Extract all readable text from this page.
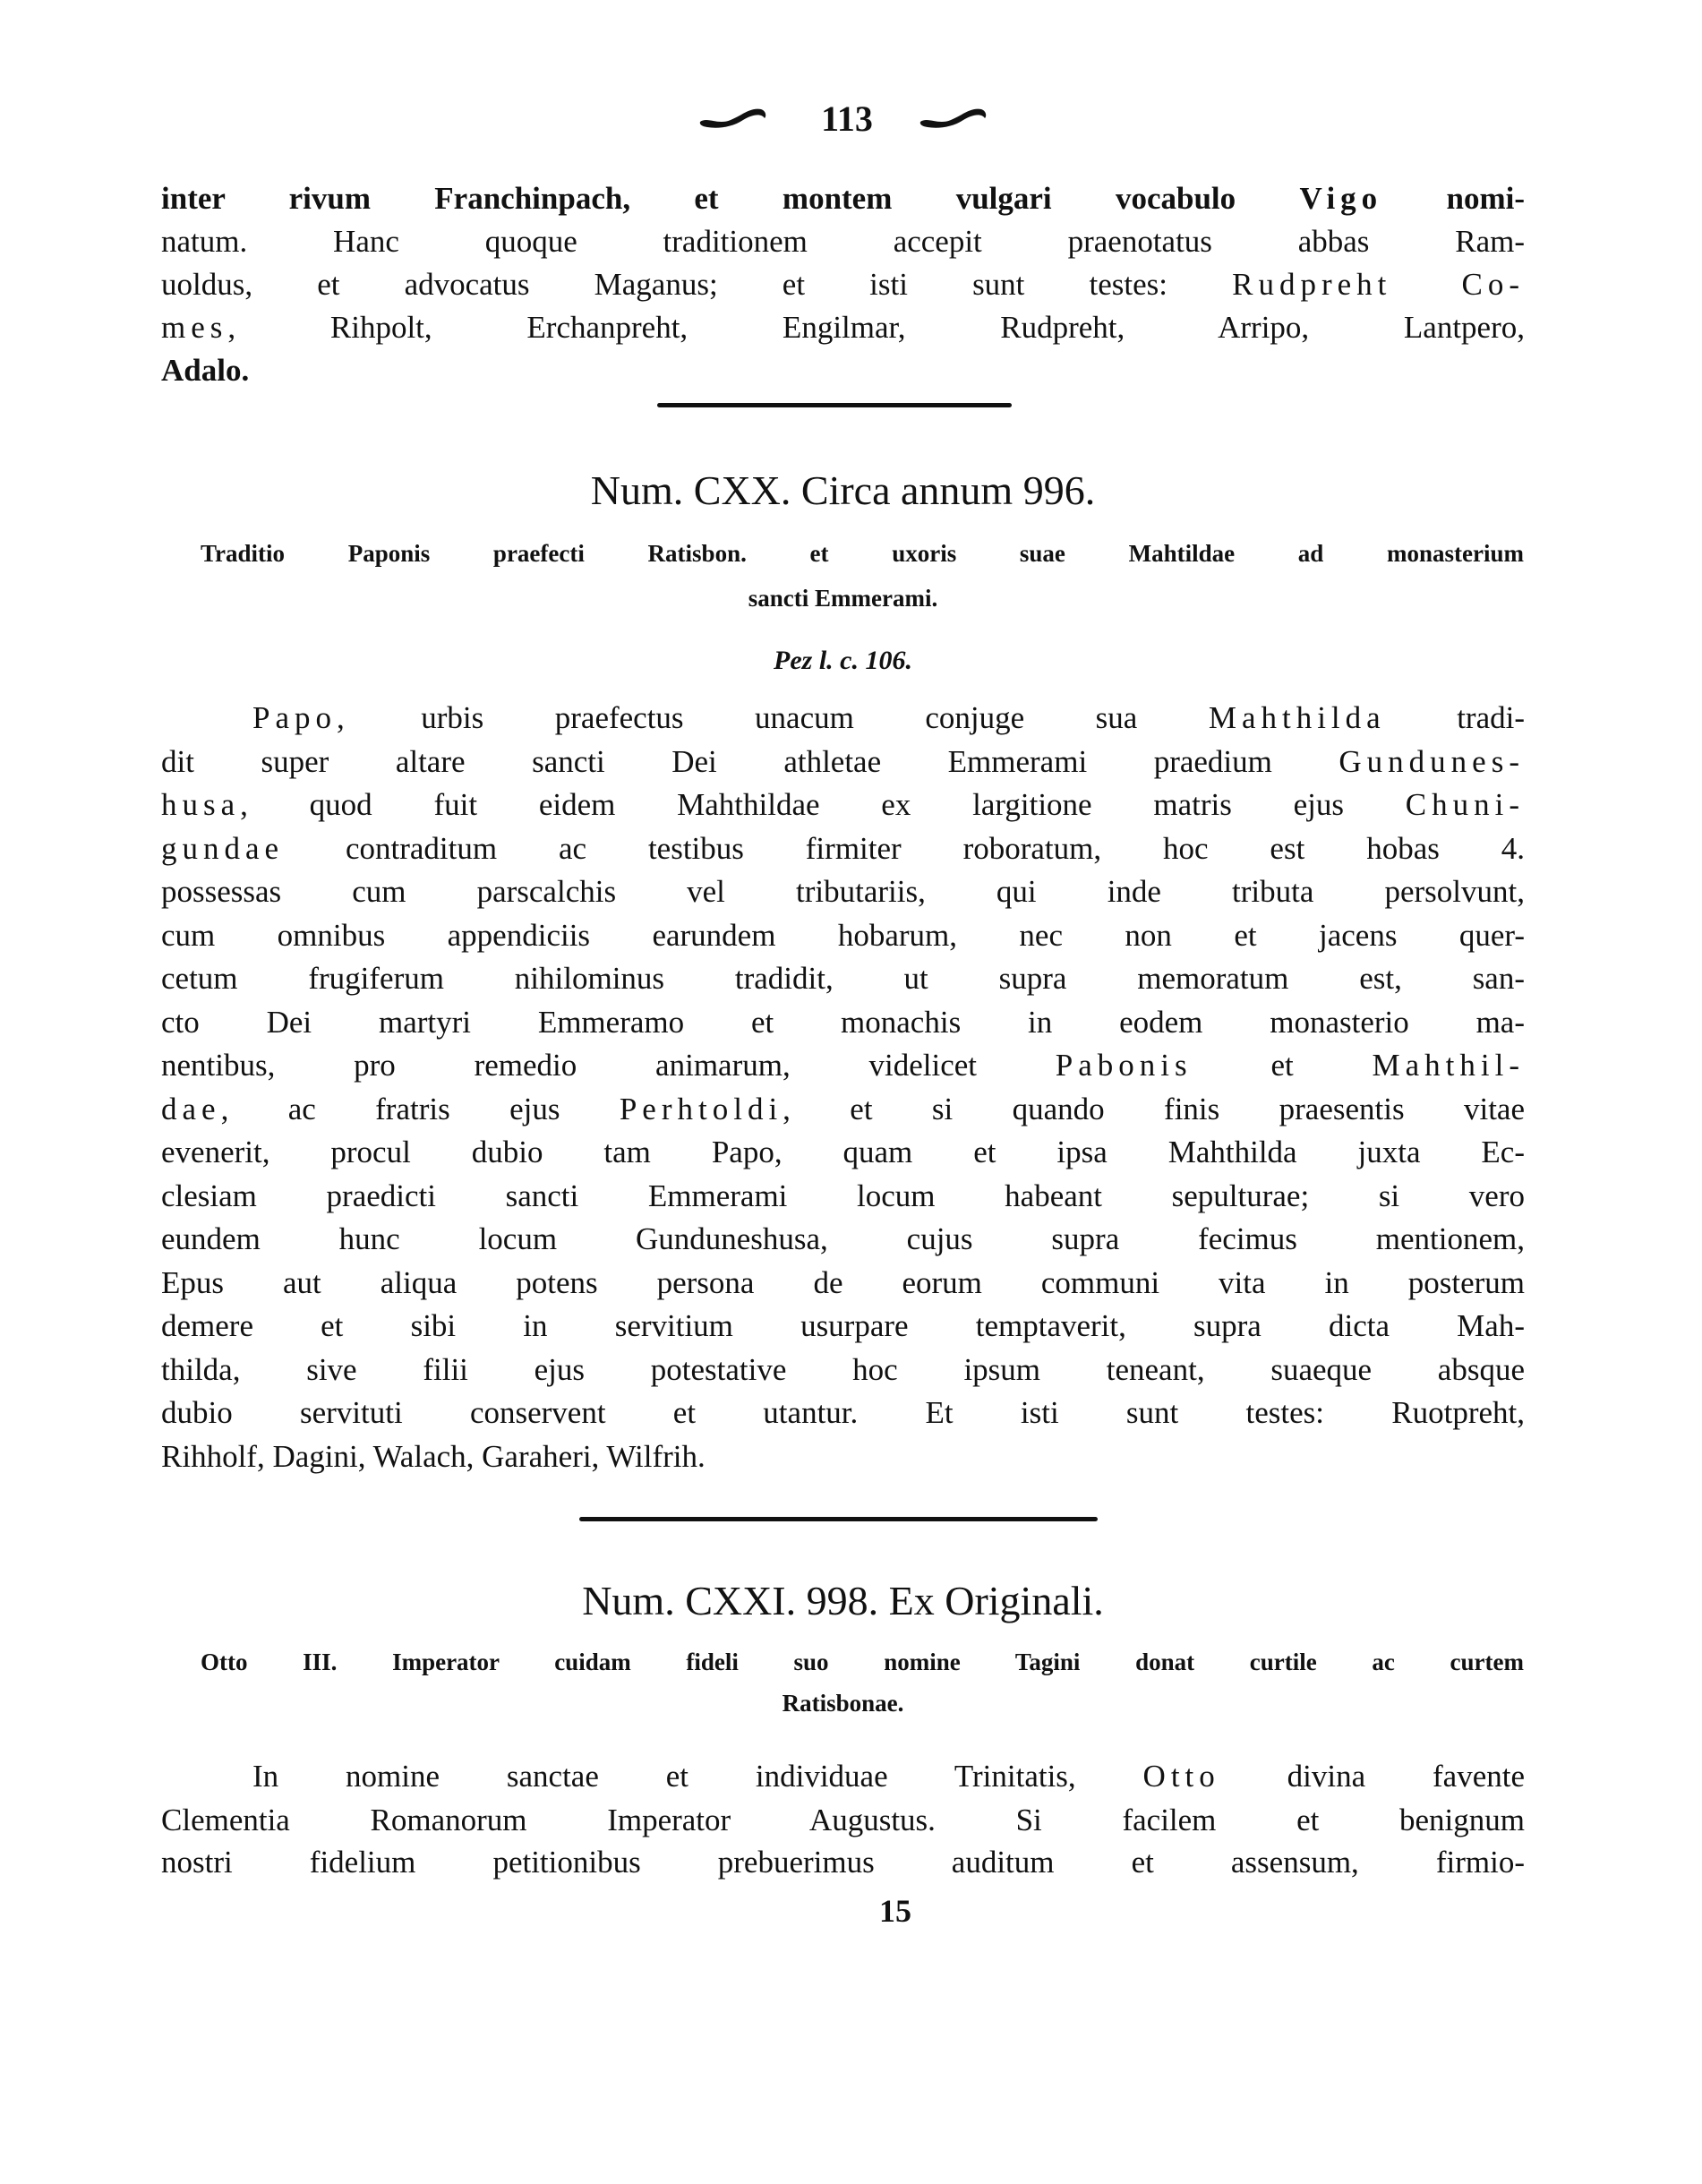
113
inter rivum Franchinpach, et montem vulgari vocabulo Vigo nomi-
natum. Hanc quoque traditionem accepit praenotatus abbas Ram-
uoldus, et advocatus Maganus; et isti sunt testes: Rudpreht Co-
mes, Rihpolt, Erchanpreht, Engilmar, Rudpreht, Arripo, Lantpero,
Adalo.
Num. CXX. Circa annum 996.
Traditio Paponis praefecti Ratisbon. et uxoris suae Mahtildae ad monasterium
sancti Emmerami.
Pez l. c. 106.
Papo, urbis praefectus unacum conjuge sua Mahthilda tradi-
dit super altare sancti Dei athletae Emmerami praedium Gundunes-
husa, quod fuit eidem Mahthildae ex largitione matris ejus Chuni-
gundae contraditum ac testibus firmiter roboratum, hoc est hobas 4.
possessas cum parscalchis vel tributariis, qui inde tributa persolvunt,
cum omnibus appendiciis earundem hobarum, nec non et jacens quer-
cetum frugiferum nihilominus tradidit, ut supra memoratum est, san-
cto Dei martyri Emmeramo et monachis in eodem monasterio ma-
nentibus, pro remedio animarum, videlicet Pabonis et Mahthil-
dae, ac fratris ejus Perhtoldi, et si quando finis praesentis vitae
evenerit, procul dubio tam Papo, quam et ipsa Mahthilda juxta Ec-
clesiam praedicti sancti Emmerami locum habeant sepulturae; si vero
eundem hunc locum Gunduneshusa, cujus supra fecimus mentionem,
Epus aut aliqua potens persona de eorum communi vita in posterum
demere et sibi in servitium usurpare temptaverit, supra dicta Mah-
thilda, sive filii ejus potestative hoc ipsum teneant, suaeque absque
dubio servituti conservent et utantur. Et isti sunt testes: Ruotpreht,
Rihholf, Dagini, Walach, Garaheri, Wilfrih.
Num. CXXI. 998. Ex Originali.
Otto III. Imperator cuidam fideli suo nomine Tagini donat curtile ac curtem
Ratisbonae.
In nomine sanctae et individuae Trinitatis, Otto divina favente
Clementia Romanorum Imperator Augustus. Si facilem et benignum
nostri fidelium petitionibus prebuerimus auditum et assensum, firmio-
15
